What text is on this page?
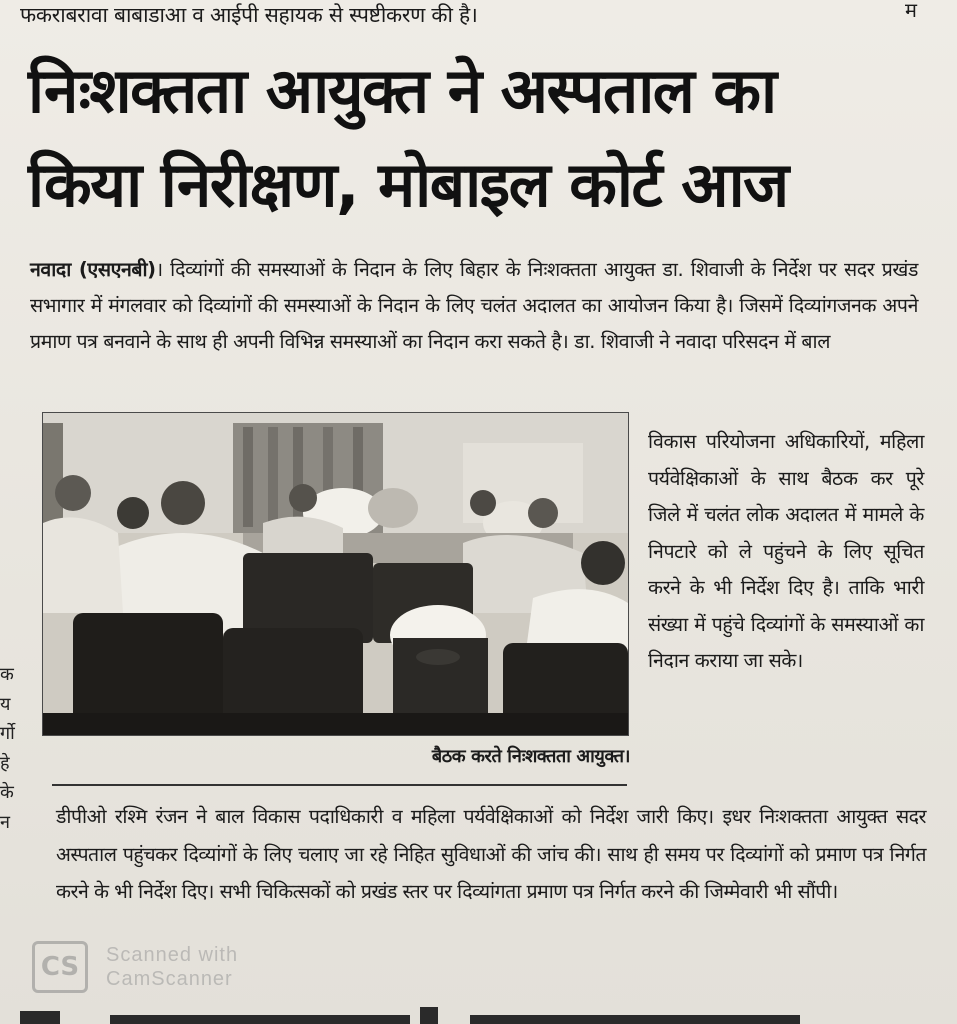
फकराबरावा बाबाडाआ व आईपी सहायक से स्पष्टीकरण की है।	म
निःशक्तता आयुक्त ने अस्पताल का
किया निरीक्षण, मोबाइल कोर्ट आज
नवादा (एसएनबी)। दिव्यांगों की समस्याओं के निदान के लिए बिहार के निःशक्तता आयुक्त डा. शिवाजी के निर्देश पर सदर प्रखंड सभागार में मंगलवार को दिव्यांगों की समस्याओं के निदान के लिए चलंत अदालत का आयोजन किया है। जिसमें दिव्यांगजनक अपने प्रमाण पत्र बनवाने के साथ ही अपनी विभिन्न समस्याओं का निदान करा सकते है। डा. शिवाजी ने नवादा परिसदन में बाल
बैठक करते निःशक्तता आयुक्त।

विकास परियोजना अधिकारियों, महिला पर्यवेक्षिकाओं के साथ बैठक कर पूरे जिले में चलंत लोक अदालत में मामले के निपटारे को ले पहुंचने के लिए सूचित करने के भी निर्देश दिए है। ताकि भारी संख्या में पहुंचे दिव्यांगों के समस्याओं का निदान कराया जा सके।

डीपीओ रश्मि रंजन ने बाल विकास पदाधिकारी व महिला पर्यवेक्षिकाओं को निर्देश जारी किए। इधर निःशक्तता आयुक्त सदर अस्पताल पहुंचकर दिव्यांगों के लिए चलाए जा रहे निहित सुविधाओं की जांच की। साथ ही समय पर दिव्यांगों को प्रमाण पत्र निर्गत करने के भी निर्देश दिए। सभी चिकित्सकों को प्रखंड स्तर पर दिव्यांगता प्रमाण पत्र निर्गत करने की जिम्मेवारी भी सौंपी।
क
य
र्गो
हे
के
न
CS	Scanned with
CamScanner
